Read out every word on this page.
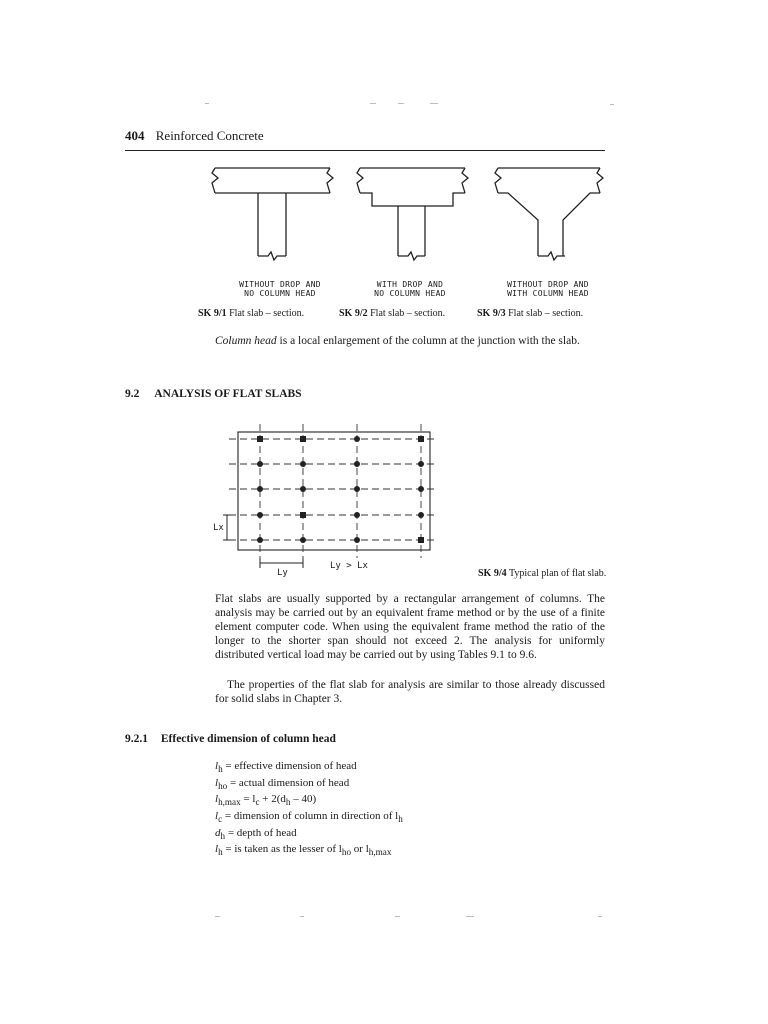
404 Reinforced Concrete
WITHOUT DROP AND
NO COLUMN HEAD
WITH DROP AND
NO COLUMN HEAD
WITHOUT DROP AND
WITH COLUMN HEAD
SK 9/1 Flat slab – section.	SK 9/2 Flat slab – section.	SK 9/3 Flat slab – section.
Column head is a local enlargement of the column at the junction with the slab.
9.2 ANALYSIS OF FLAT SLABS
Lx
Ly
Ly > Lx
SK 9/4 Typical plan of flat slab.
Flat slabs are usually supported by a rectangular arrangement of columns. The analysis may be carried out by an equivalent frame method or by the use of a finite element computer code. When using the equivalent frame method the ratio of the longer to the shorter span should not exceed 2. The analysis for uniformly distributed vertical load may be carried out by using Tables 9.1 to 9.6.
The properties of the flat slab for analysis are similar to those already discussed for solid slabs in Chapter 3.
9.2.1 Effective dimension of column head
$l_h$ = effective dimension of head
$l_{ho}$ = actual dimension of head
$l_{h,max} = l_c + 2(d_h - 40)$
$l_c$ = dimension of column in direction of $l_h$
$d_h$ = depth of head
$l_h$ = is taken as the lesser of $l_{ho}$ or $l_{h,max}$
